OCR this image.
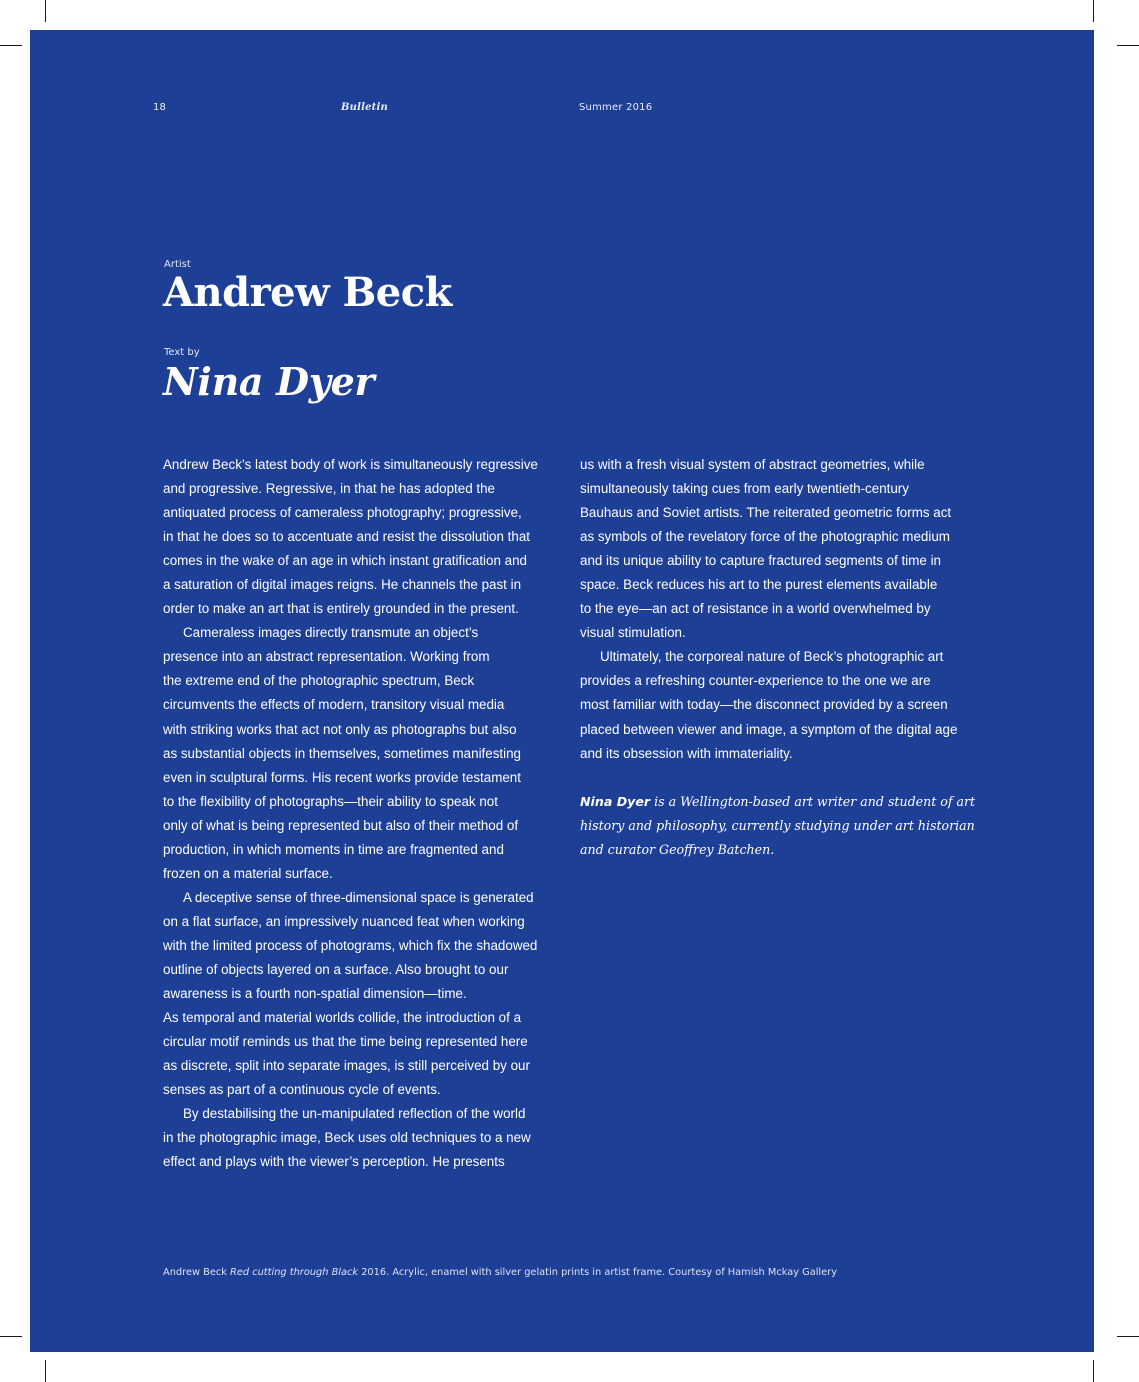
18	Bulletin	Summer 2016
Artist
Andrew Beck
Text by
Nina Dyer
Andrew Beck’s latest body of work is simultaneously regressive
and progressive. Regressive, in that he has adopted the
antiquated process of cameraless photography; progressive,
in that he does so to accentuate and resist the dissolution that
comes in the wake of an age in which instant gratification and
a saturation of digital images reigns. He channels the past in
order to make an art that is entirely grounded in the present.
Cameraless images directly transmute an object’s
presence into an abstract representation. Working from
the extreme end of the photographic spectrum, Beck
circumvents the effects of modern, transitory visual media
with striking works that act not only as photographs but also
as substantial objects in themselves, sometimes manifesting
even in sculptural forms. His recent works provide testament
to the flexibility of photographs—their ability to speak not
only of what is being represented but also of their method of
production, in which moments in time are fragmented and
frozen on a material surface.
A deceptive sense of three-dimensional space is generated
on a flat surface, an impressively nuanced feat when working
with the limited process of photograms, which fix the shadowed
outline of objects layered on a surface. Also brought to our
awareness is a fourth non-spatial dimension—time.
As temporal and material worlds collide, the introduction of a
circular motif reminds us that the time being represented here
as discrete, split into separate images, is still perceived by our
senses as part of a continuous cycle of events.
By destabilising the un-manipulated reflection of the world
in the photographic image, Beck uses old techniques to a new
effect and plays with the viewer’s perception. He presents
us with a fresh visual system of abstract geometries, while
simultaneously taking cues from early twentieth-century
Bauhaus and Soviet artists. The reiterated geometric forms act
as symbols of the revelatory force of the photographic medium
and its unique ability to capture fractured segments of time in
space. Beck reduces his art to the purest elements available
to the eye—an act of resistance in a world overwhelmed by
visual stimulation.
Ultimately, the corporeal nature of Beck’s photographic art
provides a refreshing counter-experience to the one we are
most familiar with today—the disconnect provided by a screen
placed between viewer and image, a symptom of the digital age
and its obsession with immateriality.
Nina Dyer is a Wellington-based art writer and student of art
history and philosophy, currently studying under art historian
and curator Geoffrey Batchen.
Andrew Beck Red cutting through Black 2016. Acrylic, enamel with silver gelatin prints in artist frame. Courtesy of Hamish Mckay Gallery
